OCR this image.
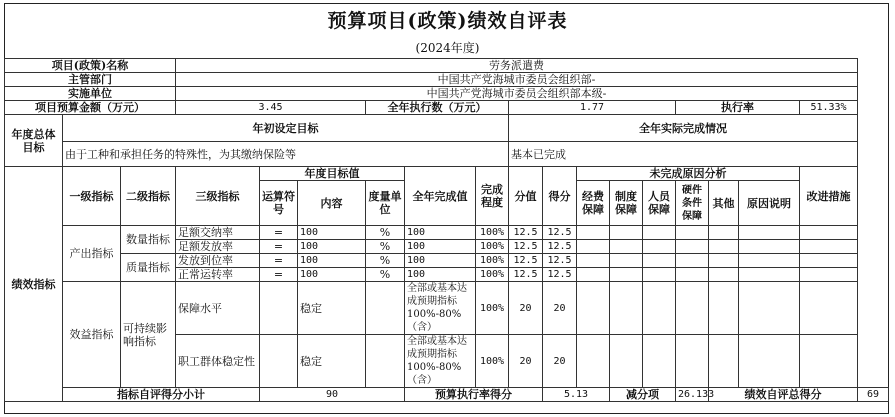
预算项目(政策)绩效自评表
(2024年度)
项目(政策)名称			劳务派遣费															
主管部门			中国共产党海城市委员会组织部-															
实施单位			中国共产党海城市委员会组织部本级-															
项目预算金额（万元）			3.45			全年执行数（万元）			1.77					执行率			51.33%	
年度总体目标	年初设定目标								全年实际完成情况									
	由于工种和承担任务的特殊性，为其缴纳保险等								基本已完成									
绩效指标	一级指标	二级指标	三级指标	年度目标值			全年完成值	完成程度	分值	得分	未完成原因分析						改进措施	
				运算符号	内容	度量单位					经费保障	制度保障	人员保障	硬件条件保障	其他	原因说明		
	产出指标	数量指标	足额交纳率	=	100	%	100	100%	12.5	12.5								
			足额发放率	=	100	%	100	100%	12.5	12.5								
		质量指标	发放到位率	=	100	%	100	100%	12.5	12.5								
			正常运转率	=	100	%	100	100%	12.5	12.5								
	效益指标	可持续影响指标	保障水平		稳定		全部或基本达成预期指标100%-80%（含）	100%	20	20								
			职工群体稳定性		稳定		全部或基本达成预期指标100%-80%（含）	100%	20	20								
	指标自评得分小计			90			预算执行率得分			5.13		减分项		26.133	绩效自评总得分			69
